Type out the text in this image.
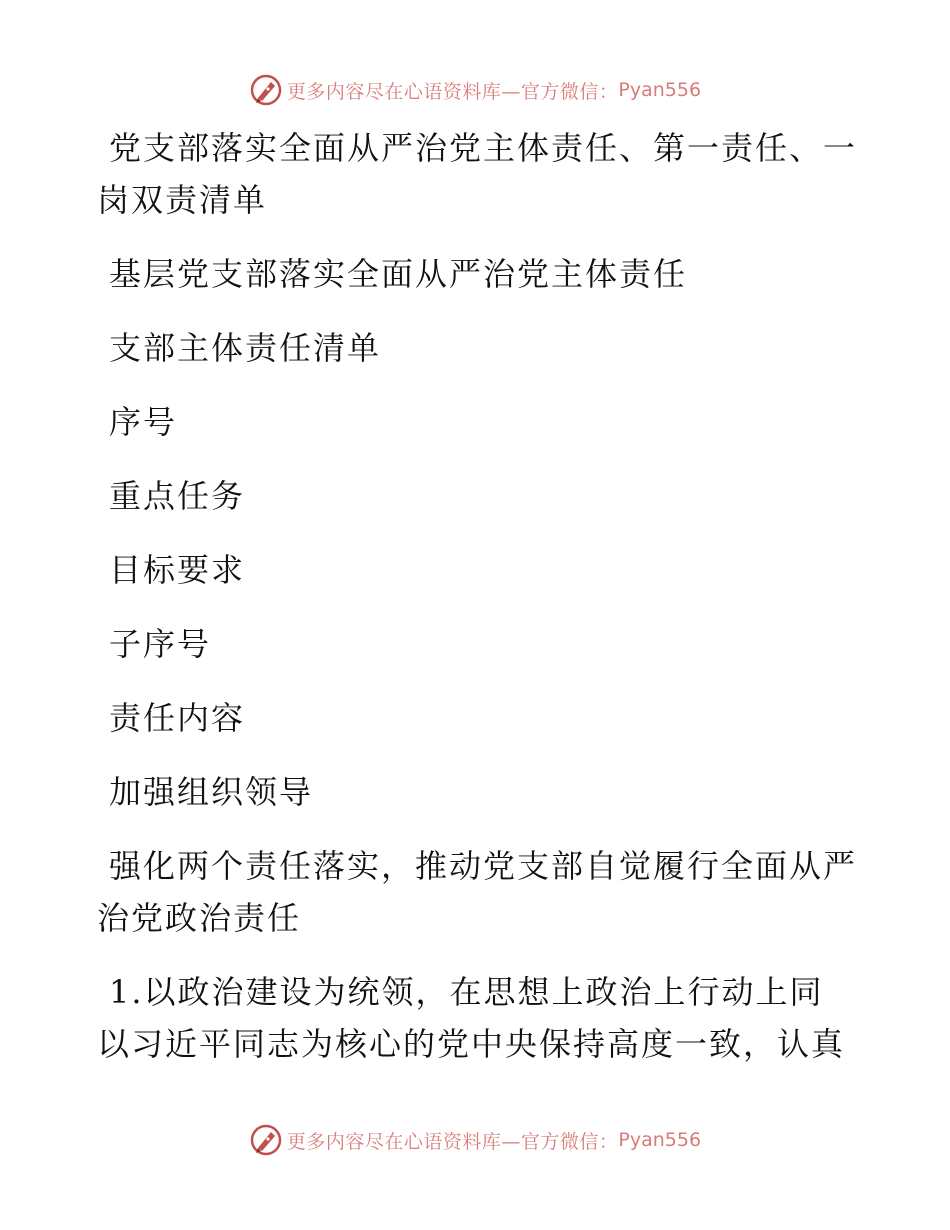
更多内容尽在心语资料库—官方微信： Pyan556

党支部落实全面从严治党主体责任、第一责任、一岗双责清单

基层党支部落实全面从严治党主体责任

支部主体责任清单

序号

重点任务

目标要求

子序号

责任内容

加强组织领导

强化两个责任落实，推动党支部自觉履行全面从严治党政治责任

1.以政治建设为统领，在思想上政治上行动上同以习近平同志为核心的党中央保持高度一致，认真

更多内容尽在心语资料库—官方微信： Pyan556
